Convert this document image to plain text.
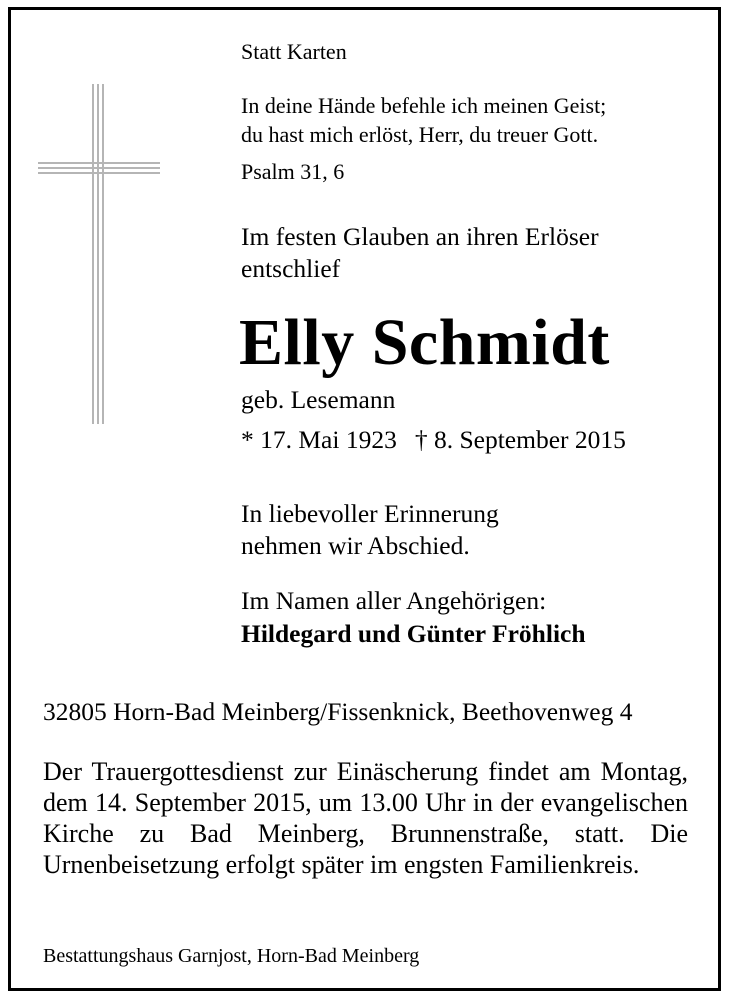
Statt Karten
In deine Hände befehle ich meinen Geist;
du hast mich erlöst, Herr, du treuer Gott.
Psalm 31, 6
Im festen Glauben an ihren Erlöser
entschlief
Elly Schmidt
geb. Lesemann
* 17. Mai 1923 † 8. September 2015
In liebevoller Erinnerung
nehmen wir Abschied.
Im Namen aller Angehörigen:
Hildegard und Günter Fröhlich
32805 Horn-Bad Meinberg/Fissenknick, Beethovenweg 4
Der Trauergottesdienst zur Einäscherung findet am Montag, dem 14. September 2015, um 13.00 Uhr in der evangelischen Kirche zu Bad Meinberg, Brunnenstraße, statt. Die Urnenbeisetzung erfolgt später im engsten Familienkreis.
Bestattungshaus Garnjost, Horn-Bad Meinberg
